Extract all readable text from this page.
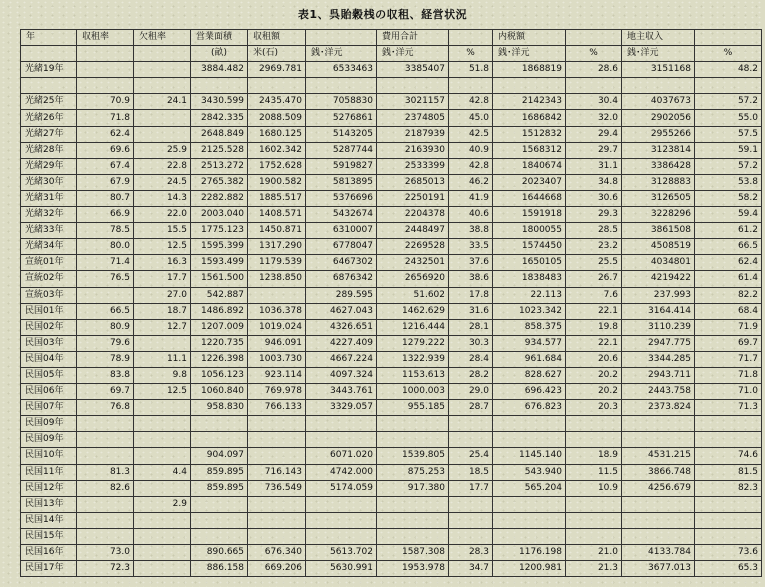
表1、呉貽穀桟の収租、経営状況
年	収租率	欠租率	営業面積	収租額		費用合計		内税額		地主収入	
			(畝)	米(石)	銭･洋元	銭･洋元	%	銭･洋元	%	銭･洋元	%
光緒19年			3884.482	2969.781	6533463	3385407	51.8	1868819	28.6	3151168	48.2

光緒25年	70.9	24.1	3430.599	2435.470	7058830	3021157	42.8	2142343	30.4	4037673	57.2
光緒26年	71.8		2842.335	2088.509	5276861	2374805	45.0	1686842	32.0	2902056	55.0
光緒27年	62.4		2648.849	1680.125	5143205	2187939	42.5	1512832	29.4	2955266	57.5
光緒28年	69.6	25.9	2125.528	1602.342	5287744	2163930	40.9	1568312	29.7	3123814	59.1
光緒29年	67.4	22.8	2513.272	1752.628	5919827	2533399	42.8	1840674	31.1	3386428	57.2
光緒30年	67.9	24.5	2765.382	1900.582	5813895	2685013	46.2	2023407	34.8	3128883	53.8
光緒31年	80.7	14.3	2282.882	1885.517	5376696	2250191	41.9	1644668	30.6	3126505	58.2
光緒32年	66.9	22.0	2003.040	1408.571	5432674	2204378	40.6	1591918	29.3	3228296	59.4
光緒33年	78.5	15.5	1775.123	1450.871	6310007	2448497	38.8	1800055	28.5	3861508	61.2
光緒34年	80.0	12.5	1595.399	1317.290	6778047	2269528	33.5	1574450	23.2	4508519	66.5
宣統01年	71.4	16.3	1593.499	1179.539	6467302	2432501	37.6	1650105	25.5	4034801	62.4
宣統02年	76.5	17.7	1561.500	1238.850	6876342	2656920	38.6	1838483	26.7	4219422	61.4
宣統03年		27.0	542.887		289.595	51.602	17.8	22.113	7.6	237.993	82.2
民国01年	66.5	18.7	1486.892	1036.378	4627.043	1462.629	31.6	1023.342	22.1	3164.414	68.4
民国02年	80.9	12.7	1207.009	1019.024	4326.651	1216.444	28.1	858.375	19.8	3110.239	71.9
民国03年	79.6		1220.735	946.091	4227.409	1279.222	30.3	934.577	22.1	2947.775	69.7
民国04年	78.9	11.1	1226.398	1003.730	4667.224	1322.939	28.4	961.684	20.6	3344.285	71.7
民国05年	83.8	9.8	1056.123	923.114	4097.324	1153.613	28.2	828.627	20.2	2943.711	71.8
民国06年	69.7	12.5	1060.840	769.978	3443.761	1000.003	29.0	696.423	20.2	2443.758	71.0
民国07年	76.8		958.830	766.133	3329.057	955.185	28.7	676.823	20.3	2373.824	71.3
民国09年											
民国09年											
民国10年			904.097		6071.020	1539.805	25.4	1145.140	18.9	4531.215	74.6
民国11年	81.3	4.4	859.895	716.143	4742.000	875.253	18.5	543.940	11.5	3866.748	81.5
民国12年	82.6		859.895	736.549	5174.059	917.380	17.7	565.204	10.9	4256.679	82.3
民国13年		2.9									
民国14年											
民国15年											
民国16年	73.0		890.665	676.340	5613.702	1587.308	28.3	1176.198	21.0	4133.784	73.6
民国17年	72.3		886.158	669.206	5630.991	1953.978	34.7	1200.981	21.3	3677.013	65.3
